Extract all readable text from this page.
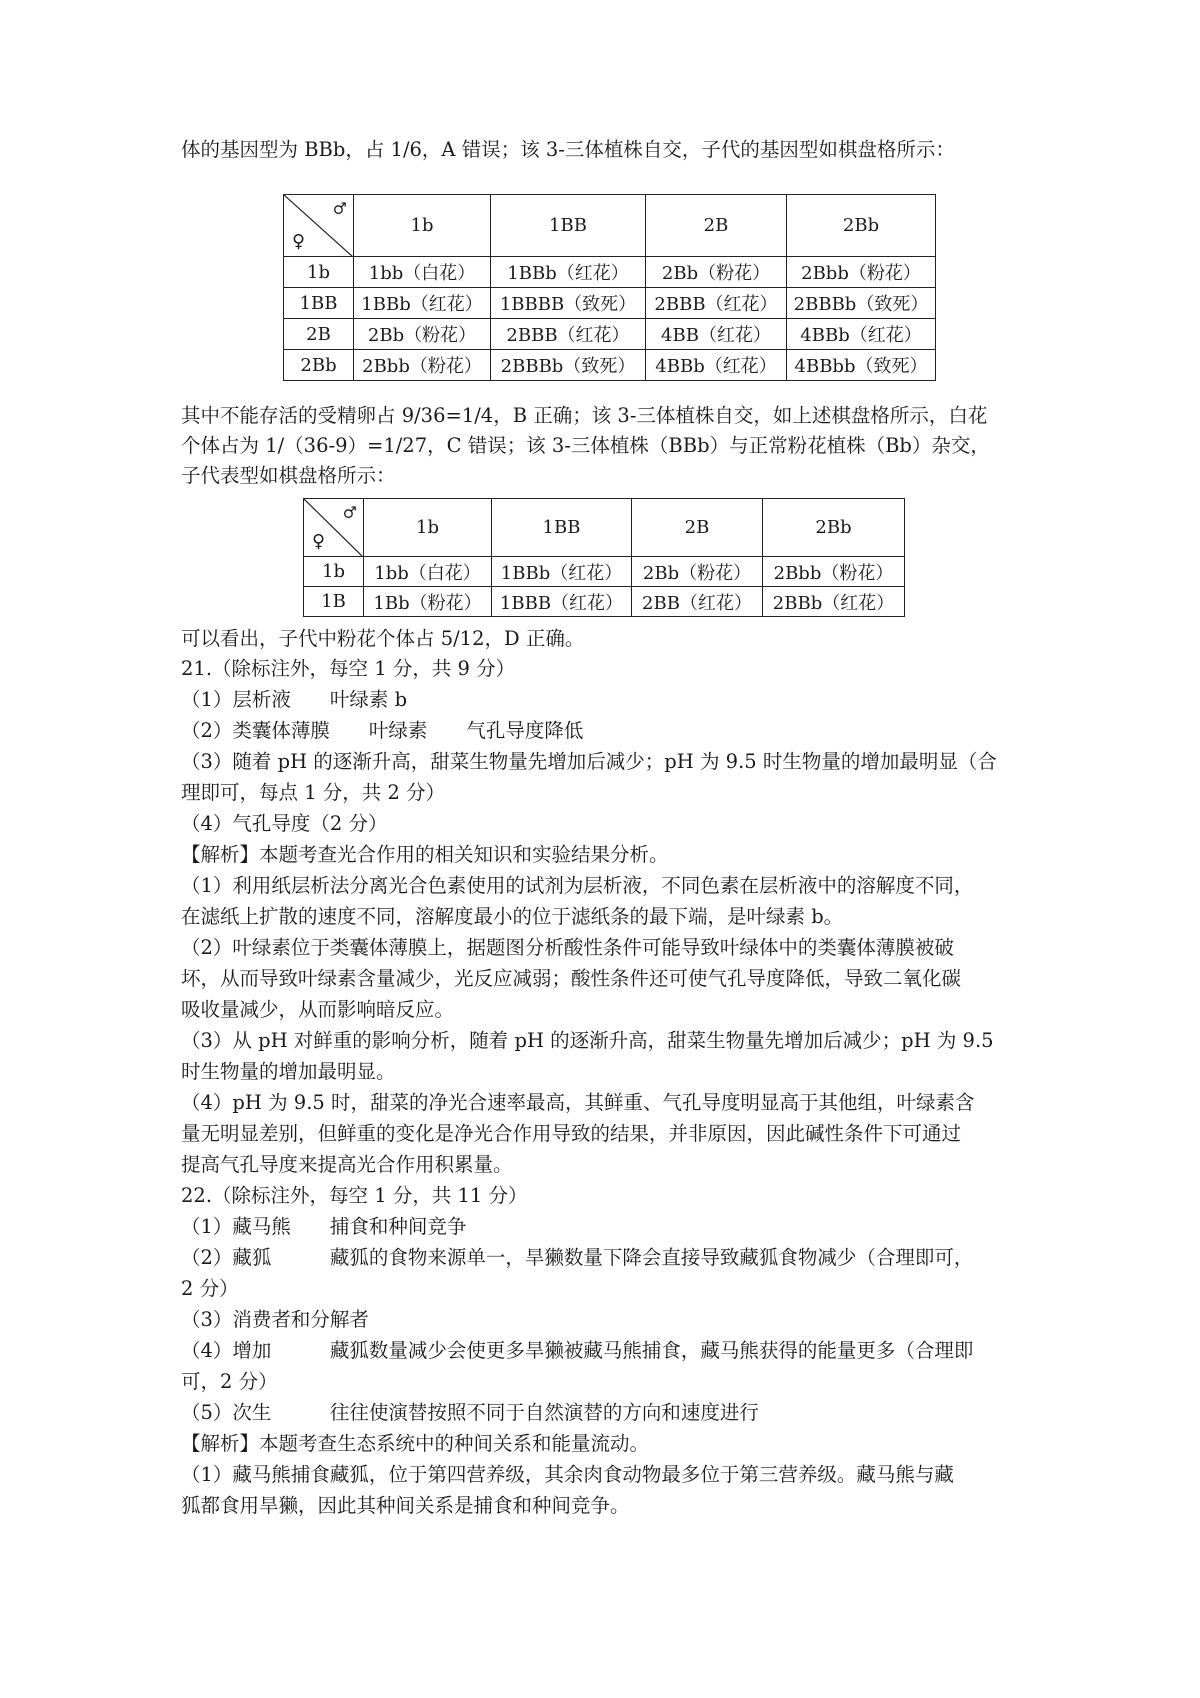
体的基因型为 BBb，占 1/6，A 错误；该 3-三体植株自交，子代的基因型如棋盘格所示：
♂
♀	1b	1BB	2B	2Bb
1b	1bb（白花）	1BBb（红花）	2Bb（粉花）	2Bbb（粉花）
1BB	1BBb（红花）	1BBBB（致死）	2BBB（红花）	2BBBb（致死）
2B	2Bb（粉花）	2BBB（红花）	4BB（红花）	4BBb（红花）
2Bb	2Bbb（粉花）	2BBBb（致死）	4BBb（红花）	4BBbb（致死）
其中不能存活的受精卵占 9/36=1/4，B 正确；该 3-三体植株自交，如上述棋盘格所示，白花
个体占为 1/（36-9）=1/27，C 错误；该 3-三体植株（BBb）与正常粉花植株（Bb）杂交，
子代表型如棋盘格所示：
♂
♀	1b	1BB	2B	2Bb
1b	1bb（白花）	1BBb（红花）	2Bb（粉花）	2Bbb（粉花）
1B	1Bb（粉花）	1BBB（红花）	2BB（红花）	2BBb（红花）
可以看出，子代中粉花个体占 5/12，D 正确。
21.（除标注外，每空 1 分，共 9 分）
（1）层析液　　叶绿素 b
（2）类囊体薄膜　　叶绿素　　气孔导度降低
（3）随着 pH 的逐渐升高，甜菜生物量先增加后减少；pH 为 9.5 时生物量的增加最明显（合
理即可，每点 1 分，共 2 分）
（4）气孔导度（2 分）
【解析】本题考查光合作用的相关知识和实验结果分析。
（1）利用纸层析法分离光合色素使用的试剂为层析液，不同色素在层析液中的溶解度不同，
在滤纸上扩散的速度不同，溶解度最小的位于滤纸条的最下端，是叶绿素 b。
（2）叶绿素位于类囊体薄膜上，据题图分析酸性条件可能导致叶绿体中的类囊体薄膜被破
坏，从而导致叶绿素含量减少，光反应减弱；酸性条件还可使气孔导度降低，导致二氧化碳
吸收量减少，从而影响暗反应。
（3）从 pH 对鲜重的影响分析，随着 pH 的逐渐升高，甜菜生物量先增加后减少；pH 为 9.5
时生物量的增加最明显。
（4）pH 为 9.5 时，甜菜的净光合速率最高，其鲜重、气孔导度明显高于其他组，叶绿素含
量无明显差别，但鲜重的变化是净光合作用导致的结果，并非原因，因此碱性条件下可通过
提高气孔导度来提高光合作用积累量。
22.（除标注外，每空 1 分，共 11 分）
（1）藏马熊　　捕食和种间竞争
（2）藏狐　　　藏狐的食物来源单一，旱獭数量下降会直接导致藏狐食物减少（合理即可，
2 分）
（3）消费者和分解者
（4）增加　　　藏狐数量减少会使更多旱獭被藏马熊捕食，藏马熊获得的能量更多（合理即
可，2 分）
（5）次生　　　往往使演替按照不同于自然演替的方向和速度进行
【解析】本题考查生态系统中的种间关系和能量流动。
（1）藏马熊捕食藏狐，位于第四营养级，其余肉食动物最多位于第三营养级。藏马熊与藏
狐都食用旱獭，因此其种间关系是捕食和种间竞争。
